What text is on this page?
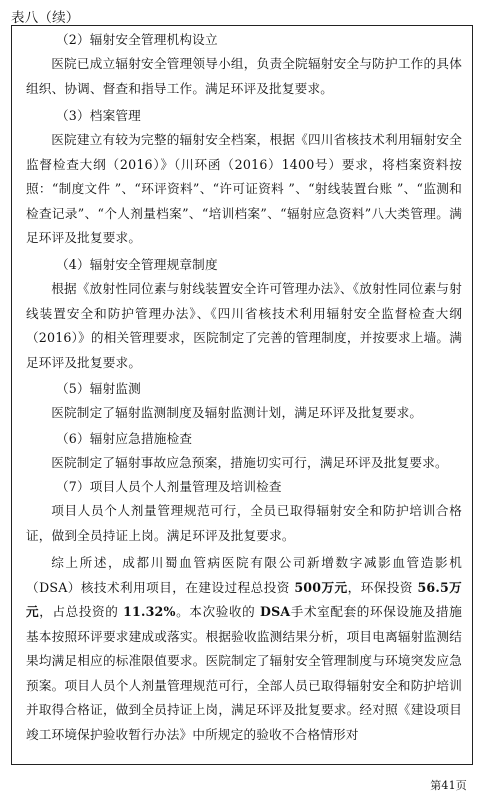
表八（续）
（2）辐射安全管理机构设立
医院已成立辐射安全管理领导小组，负责全院辐射安全与防护工作的具体组织、协调、督查和指导工作。满足环评及批复要求。
（3）档案管理
医院建立有较为完整的辐射安全档案，根据《四川省核技术利用辐射安全监督检查大纲（2016）》（川环函（2016）1400号）要求，将档案资料按照：“制度文件 ”、“环评资料”、“许可证资料 ”、“射线装置台账 ”、“监测和检查记录”、“个人剂量档案”、“培训档案”、“辐射应急资料”八大类管理。满足环评及批复要求。
（4）辐射安全管理规章制度
根据《放射性同位素与射线装置安全许可管理办法》、《放射性同位素与射线装置安全和防护管理办法》、《四川省核技术利用辐射安全监督检查大纲（2016）》的相关管理要求，医院制定了完善的管理制度，并按要求上墙。满足环评及批复要求。
（5）辐射监测
医院制定了辐射监测制度及辐射监测计划，满足环评及批复要求。
（6）辐射应急措施检查
医院制定了辐射事故应急预案，措施切实可行，满足环评及批复要求。
（7）项目人员个人剂量管理及培训检查
项目人员个人剂量管理规范可行，全员已取得辐射安全和防护培训合格证，做到全员持证上岗。满足环评及批复要求。
综上所述，成都川蜀血管病医院有限公司新增数字减影血管造影机（DSA）核技术利用项目，在建设过程总投资 500万元，环保投资 56.5万元，占总投资的 11.32%。本次验收的 DSA手术室配套的环保设施及措施基本按照环评要求建成或落实。根据验收监测结果分析，项目电离辐射监测结果均满足相应的标准限值要求。医院制定了辐射安全管理制度与环境突发应急预案。项目人员个人剂量管理规范可行，全部人员已取得辐射安全和防护培训并取得合格证，做到全员持证上岗，满足环评及批复要求。经对照《建设项目竣工环境保护验收暂行办法》中所规定的验收不合格情形对
第41页
